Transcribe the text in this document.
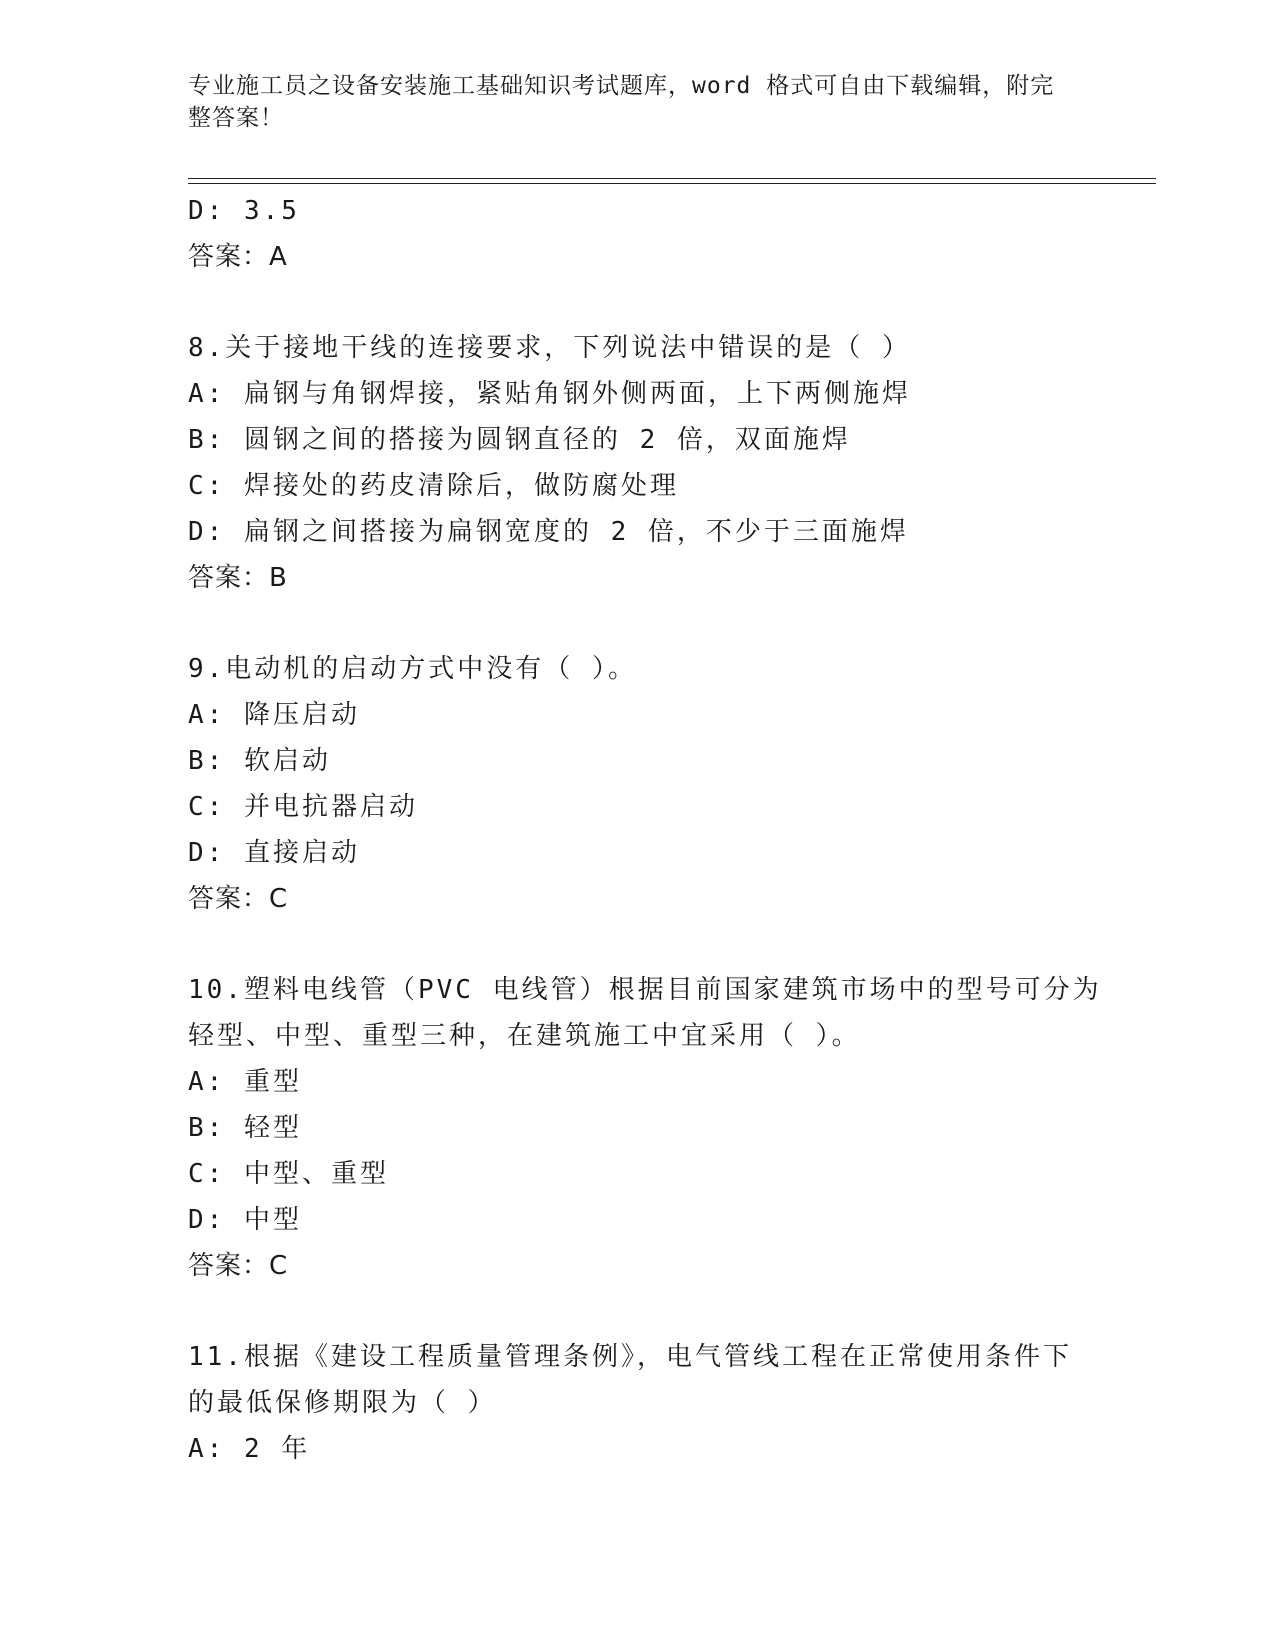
专业施工员之设备安装施工基础知识考试题库，word 格式可自由下载编辑，附完
整答案！
D: 3.5
答案：A
8.关于接地干线的连接要求，下列说法中错误的是（ ）
A: 扁钢与角钢焊接，紧贴角钢外侧两面，上下两侧施焊
B: 圆钢之间的搭接为圆钢直径的 2 倍，双面施焊
C: 焊接处的药皮清除后，做防腐处理
D: 扁钢之间搭接为扁钢宽度的 2 倍，不少于三面施焊
答案：B
9.电动机的启动方式中没有（ ）。
A: 降压启动
B: 软启动
C: 并电抗器启动
D: 直接启动
答案：C
10.塑料电线管（PVC 电线管）根据目前国家建筑市场中的型号可分为
轻型、中型、重型三种，在建筑施工中宜采用（ ）。
A: 重型
B: 轻型
C: 中型、重型
D: 中型
答案：C
11.根据《建设工程质量管理条例》，电气管线工程在正常使用条件下
的最低保修期限为（ ）
A: 2 年
